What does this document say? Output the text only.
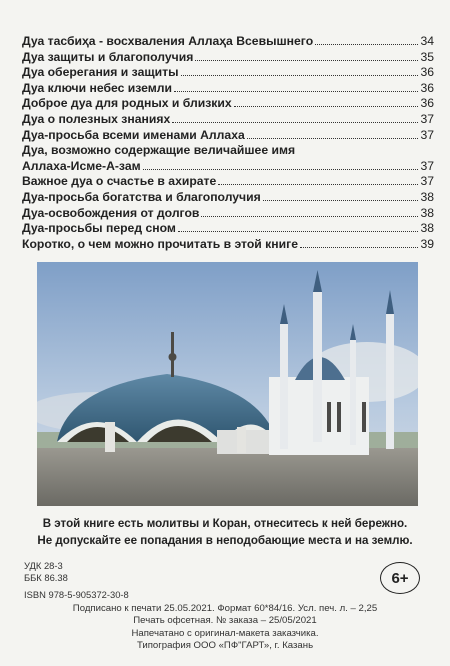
Дуа тасбиҳа - восхваления Аллаҳа Всевышнего	34
Дуа защиты и благополучия	35
Дуа оберегания и защиты	36
Дуа ключи небес иземли	36
Доброе дуа для родных и близких	36
Дуа о полезных знаниях	37
Дуа-просьба всеми именами Аллаха	37
Дуа, возможно содержащие величайшее имя
Аллаха-Исме-А-зам	37
Важное дуа о счастье в ахирате	37
Дуа-просьба богатства и благополучия	38
Дуа-освобождения от долгов	38
Дуа-просьбы перед сном	38
Коротко, о чем можно прочитать в этой книге	39
В этой книге есть молитвы и Коран, отнеситесь к ней бережно.
Не допускайте ее попадания в неподобающие места и на землю.
УДК 28-3
ББК 86.38
ISBN 978-5-905372-30-8
6+
Подписано к печати 25.05.2021. Формат 60*84/16. Усл. печ. л. – 2,25
Печать офсетная. № заказа – 25/05/2021
Напечатано с оригинал-макета заказчика.
Типография ООО «ПФ"ГАРТ», г. Казань
